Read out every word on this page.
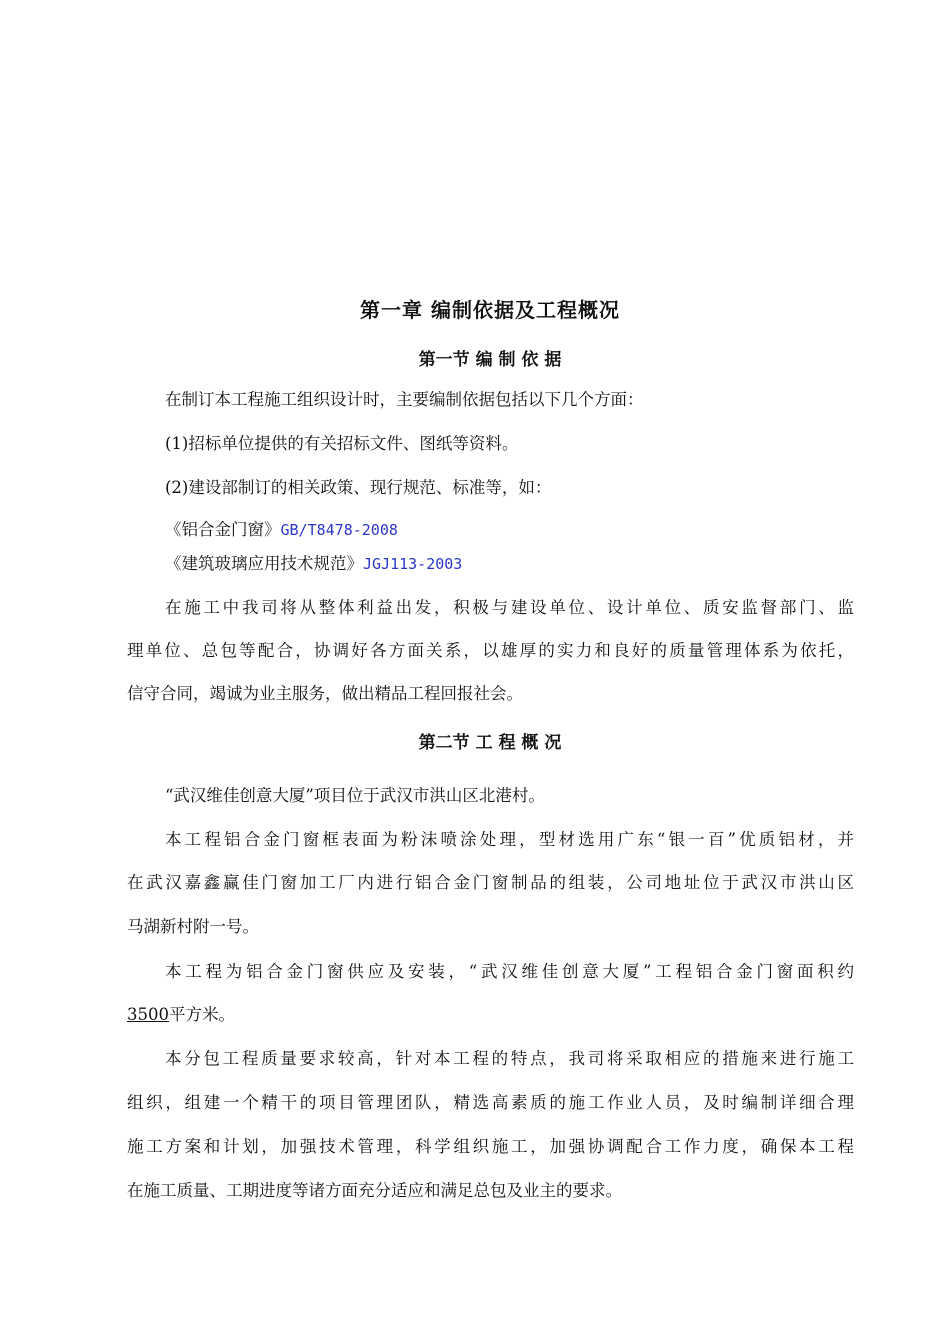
第一章 编制依据及工程概况
第一节 编 制 依 据
在制订本工程施工组织设计时，主要编制依据包括以下几个方面：
(1)招标单位提供的有关招标文件、图纸等资料。
(2)建设部制订的相关政策、现行规范、标准等，如：
《铝合金门窗》GB/T8478-2008
《建筑玻璃应用技术规范》JGJ113-2003
在施工中我司将从整体利益出发，积极与建设单位、设计单位、质安监督部门、监
理单位、总包等配合，协调好各方面关系，以雄厚的实力和良好的质量管理体系为依托，
信守合同，竭诚为业主服务，做出精品工程回报社会。
第二节 工 程 概 况
“武汉维佳创意大厦”项目位于武汉市洪山区北港村。
本工程铝合金门窗框表面为粉沫喷涂处理，型材选用广东“银一百”优质铝材，并
在武汉嘉鑫赢佳门窗加工厂内进行铝合金门窗制品的组装，公司地址位于武汉市洪山区
马湖新村附一号。
本工程为铝合金门窗供应及安装，“武汉维佳创意大厦”工程铝合金门窗面积约
3500平方米。
本分包工程质量要求较高，针对本工程的特点，我司将采取相应的措施来进行施工
组织，组建一个精干的项目管理团队，精选高素质的施工作业人员，及时编制详细合理
施工方案和计划，加强技术管理，科学组织施工，加强协调配合工作力度，确保本工程
在施工质量、工期进度等诸方面充分适应和满足总包及业主的要求。
